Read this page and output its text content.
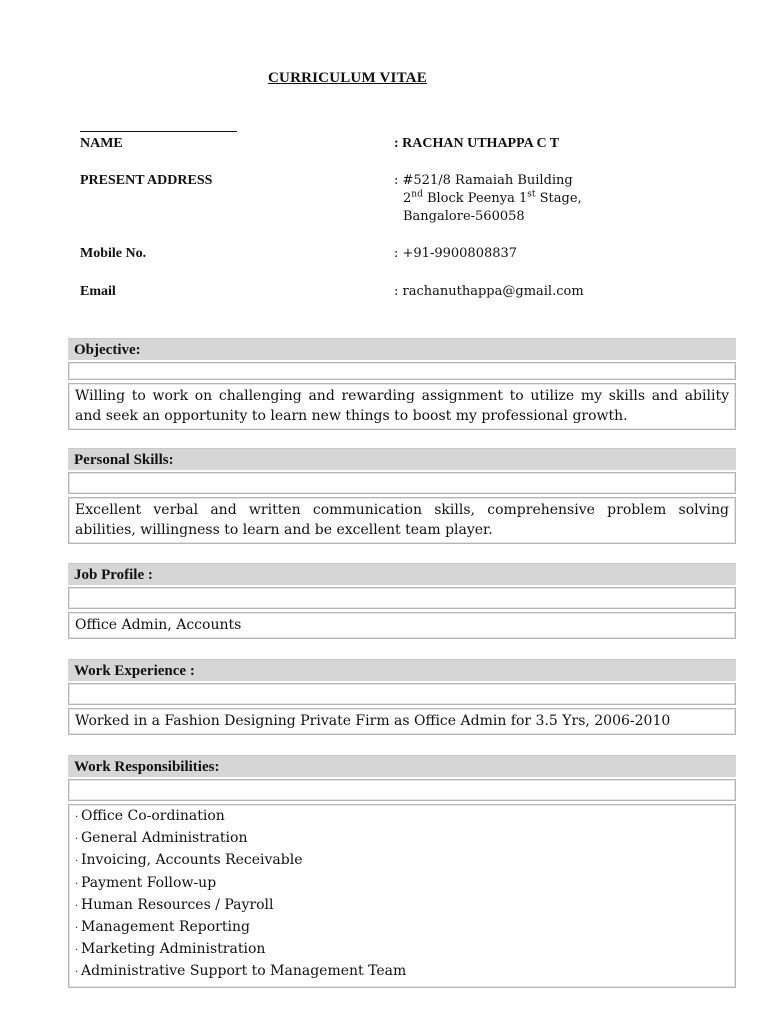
CURRICULUM VITAE
NAME	: RACHAN UTHAPPA C T
PRESENT ADDRESS	: #521/8 Ramaiah Building
2nd Block Peenya 1st Stage,
Bangalore-560058
Mobile No.	: +91-9900808837
Email	: rachanuthappa@gmail.com
Objective:
Willing to work on challenging and rewarding assignment to utilize my skills and ability and seek an opportunity to learn new things to boost my professional growth.
Personal Skills:
Excellent verbal and written communication skills, comprehensive problem solving abilities, willingness to learn and be excellent team player.
Job Profile :
Office Admin, Accounts
Work Experience :
Worked in a Fashion Designing Private Firm as Office Admin for 3.5 Yrs, 2006-2010
Work Responsibilities:
· Office Co-ordination
· General Administration
· Invoicing, Accounts Receivable
· Payment Follow-up
· Human Resources / Payroll
· Management Reporting
· Marketing Administration
· Administrative Support to Management Team
